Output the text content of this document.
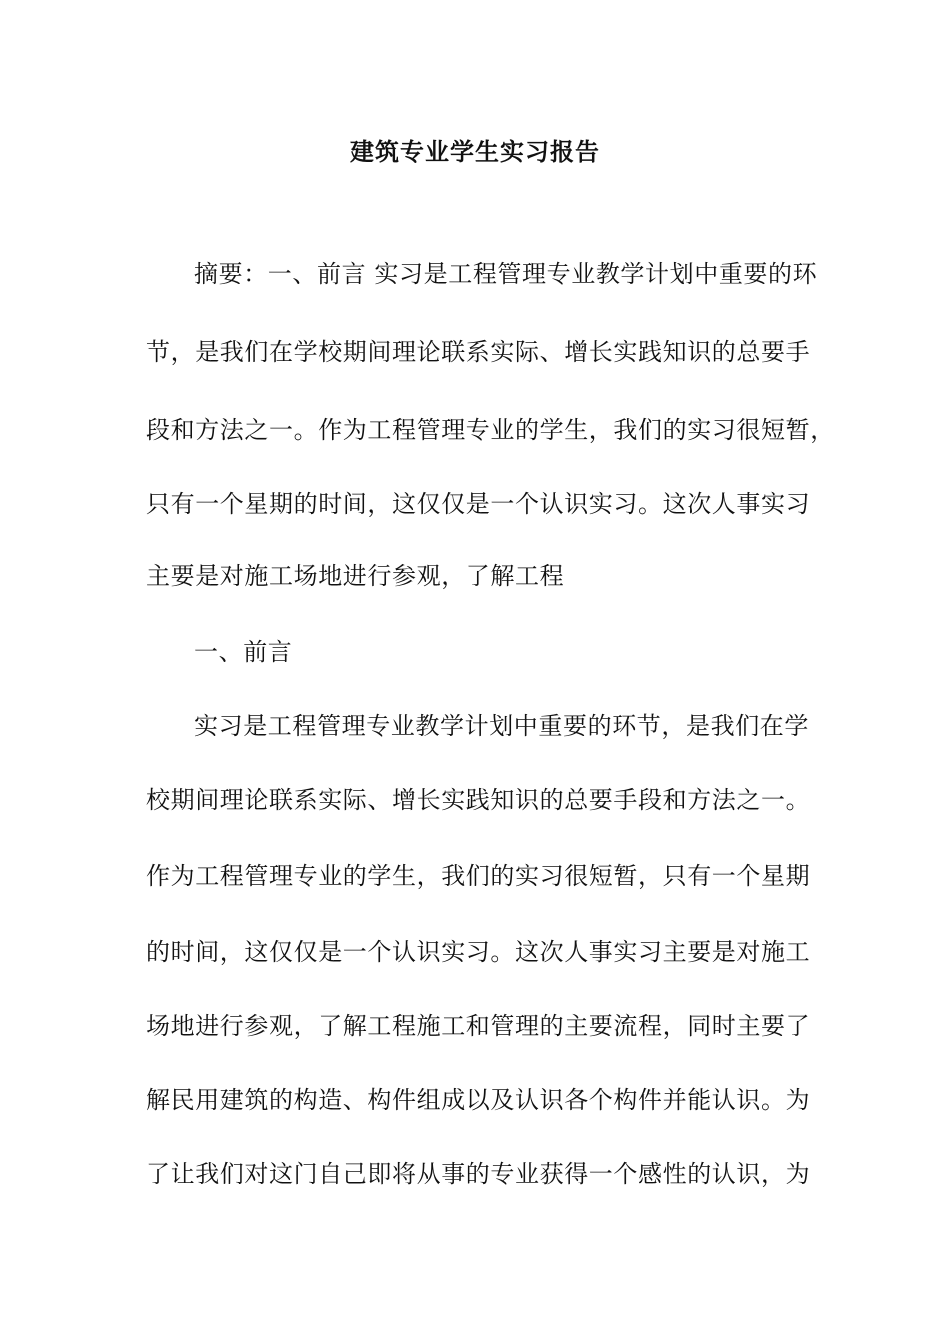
建筑专业学生实习报告
摘要：一、前言 实习是工程管理专业教学计划中重要的环
节，是我们在学校期间理论联系实际、增长实践知识的总要手
段和方法之一。作为工程管理专业的学生，我们的实习很短暂，
只有一个星期的时间，这仅仅是一个认识实习。这次人事实习
主要是对施工场地进行参观，了解工程
一、前言
实习是工程管理专业教学计划中重要的环节，是我们在学
校期间理论联系实际、增长实践知识的总要手段和方法之一。
作为工程管理专业的学生，我们的实习很短暂，只有一个星期
的时间，这仅仅是一个认识实习。这次人事实习主要是对施工
场地进行参观，了解工程施工和管理的主要流程，同时主要了
解民用建筑的构造、构件组成以及认识各个构件并能认识。为
了让我们对这门自己即将从事的专业获得一个感性的认识，为
